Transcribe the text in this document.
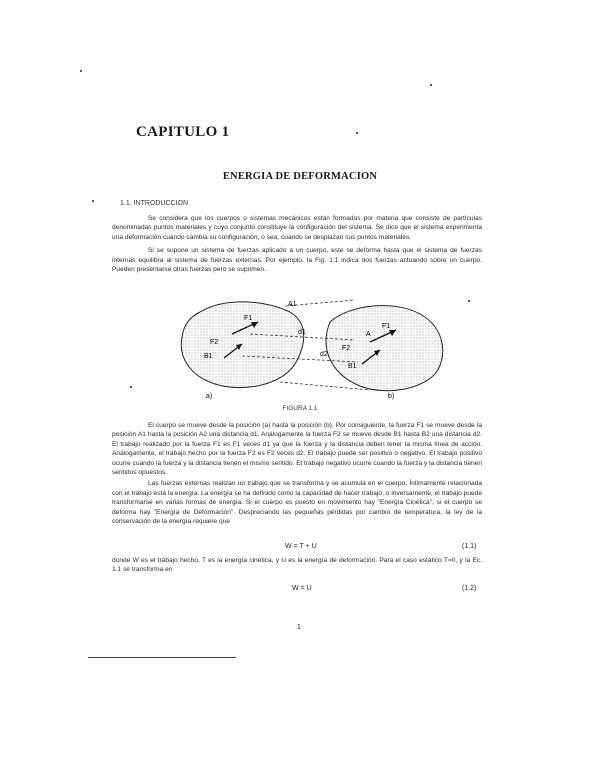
CAPITULO 1
ENERGIA DE DEFORMACION
1.1. INTRODUCCION

Se considera que los cuerpos o sistemas mecánicos están formados por materia que consiste de partículas denominadas puntos materiales y cuyo conjunto constituye la configuración del sistema. Se dice que el sistema experimenta una deformación cuando cambia su configuración, o sea, cuando se desplazan sus puntos materiales.

Si se supone un sistema de fuerzas aplicado a un cuerpo, este se deforma hasta que el sistema de fuerzas internas equilibra al sistema de fuerzas externas. Por ejemplo, la Fig. 1.1 indica dos fuerzas actuando sobre un cuerpo. Pueden presentarse otras fuerzas pero se suprimen.

F1
A1
F2
B1
d1
d2
F1
F2
B1
A
a)	b)
FIGURA 1.1

El cuerpo se mueve desde la posición (a) hasta la posición (b). Por consiguiente, la fuerza F1 se mueve desde la posición A1 hasta la posición A2 una distancia d1. Análogamente la fuerza F2 se mueve desde B1 hasta B2 una distancia d2. El trabajo realizado por la fuerza F1 es F1 veces d1 ya que la fuerza y la distancia deben tener la misma línea de acción. Análogamente, el trabajo hecho por la fuerza F2 es F2 veces d2. El trabajo puede ser positivo o negativo. El trabajo positivo ocurre cuando la fuerza y la distancia tienen el mismo sentido. El trabajo negativo ocurre cuando la fuerza y la distancia tienen sentidos opuestos.

Las fuerzas externas realizan un trabajo que se transforma y se acumula en el cuerpo. Íntimamente relacionada con el trabajo está la energía. La energía se ha definido como la capacidad de hacer trabajo, o inversamente, el trabajo puede transformarse en varias formas de energía. Si el cuerpo es puesto en movimiento hay "Energía Cinética", si el cuerpo se deforma hay "Energía de Deformación". Despreciando las pequeñas pérdidas por cambio de temperatura, la ley de la conservación de la energía requiere que

W = T + U	(1.1)

donde W es el trabajo hecho, T es la energía cinética, y U es la energía de deformación. Para el caso estático T=0, y la Ec. 1.1 se transforma en

W = U	(1.2)
1
